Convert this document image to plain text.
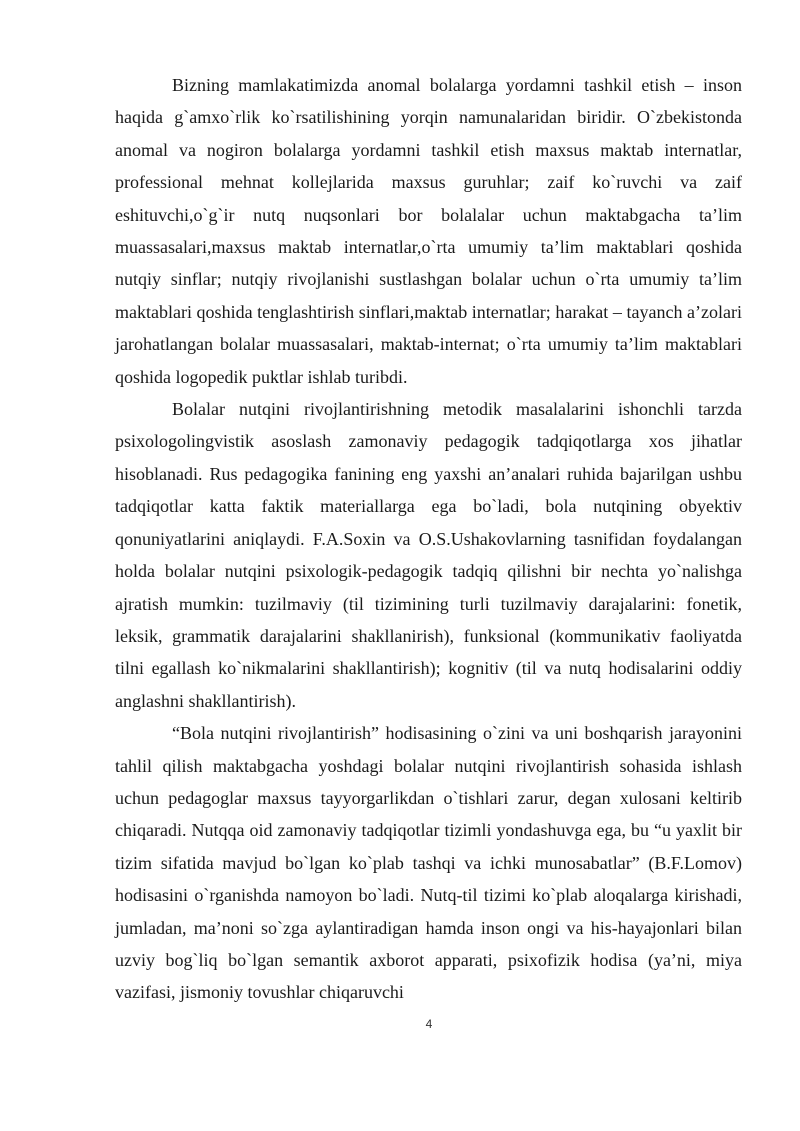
Bizning mamlakatimizda anomal bolalarga yordamni tashkil etish – inson haqida g`amxo`rlik ko`rsatilishining yorqin namunalaridan biridir. O`zbekistonda anomal va nogiron bolalarga yordamni tashkil etish maxsus maktab internatlar, professional mehnat kollejlarida maxsus guruhlar; zaif ko`ruvchi va zaif eshituvchi,o`g`ir nutq nuqsonlari bor bolalalar uchun maktabgacha ta’lim muassasalari,maxsus maktab internatlar,o`rta umumiy ta’lim maktablari qoshida nutqiy sinflar; nutqiy rivojlanishi sustlashgan bolalar uchun o`rta umumiy ta’lim maktablari qoshida tenglashtirish sinflari,maktab internatlar; harakat – tayanch a’zolari jarohatlangan bolalar muassasalari, maktab-internat; o`rta umumiy ta’lim maktablari qoshida logopedik puktlar ishlab turibdi.

Bolalar nutqini rivojlantirishning metodik masalalarini ishonchli tarzda psixologolingvistik asoslash zamonaviy pedagogik tadqiqotlarga xos jihatlar hisoblanadi. Rus pedagogika fanining eng yaxshi an’analari ruhida bajarilgan ushbu tadqiqotlar katta faktik materiallarga ega bo`ladi, bola nutqining obyektiv qonuniyatlarini aniqlaydi. F.A.Soxin va O.S.Ushakovlarning tasnifidan foydalangan holda bolalar nutqini psixologik-pedagogik tadqiq qilishni bir nechta yo`nalishga ajratish mumkin: tuzilmaviy (til tizimining turli tuzilmaviy darajalarini: fonetik, leksik, grammatik darajalarini shakllanirish), funksional (kommunikativ faoliyatda tilni egallash ko`nikmalarini shakllantirish); kognitiv (til va nutq hodisalarini oddiy anglashni shakllantirish).

“Bola nutqini rivojlantirish” hodisasining o`zini va uni boshqarish jarayonini tahlil qilish maktabgacha yoshdagi bolalar nutqini rivojlantirish sohasida ishlash uchun pedagoglar maxsus tayyorgarlikdan o`tishlari zarur, degan xulosani keltirib chiqaradi. Nutqqa oid zamonaviy tadqiqotlar tizimli yondashuvga ega, bu “u yaxlit bir tizim sifatida mavjud bo`lgan ko`plab tashqi va ichki munosabatlar” (B.F.Lomov) hodisasini o`rganishda namoyon bo`ladi. Nutq-til tizimi ko`plab aloqalarga kirishadi, jumladan, ma’noni so`zga aylantiradigan hamda inson ongi va his-hayajonlari bilan uzviy bog`liq bo`lgan semantik axborot apparati, psixofizik hodisa (ya’ni, miya vazifasi, jismoniy tovushlar chiqaruvchi

4
